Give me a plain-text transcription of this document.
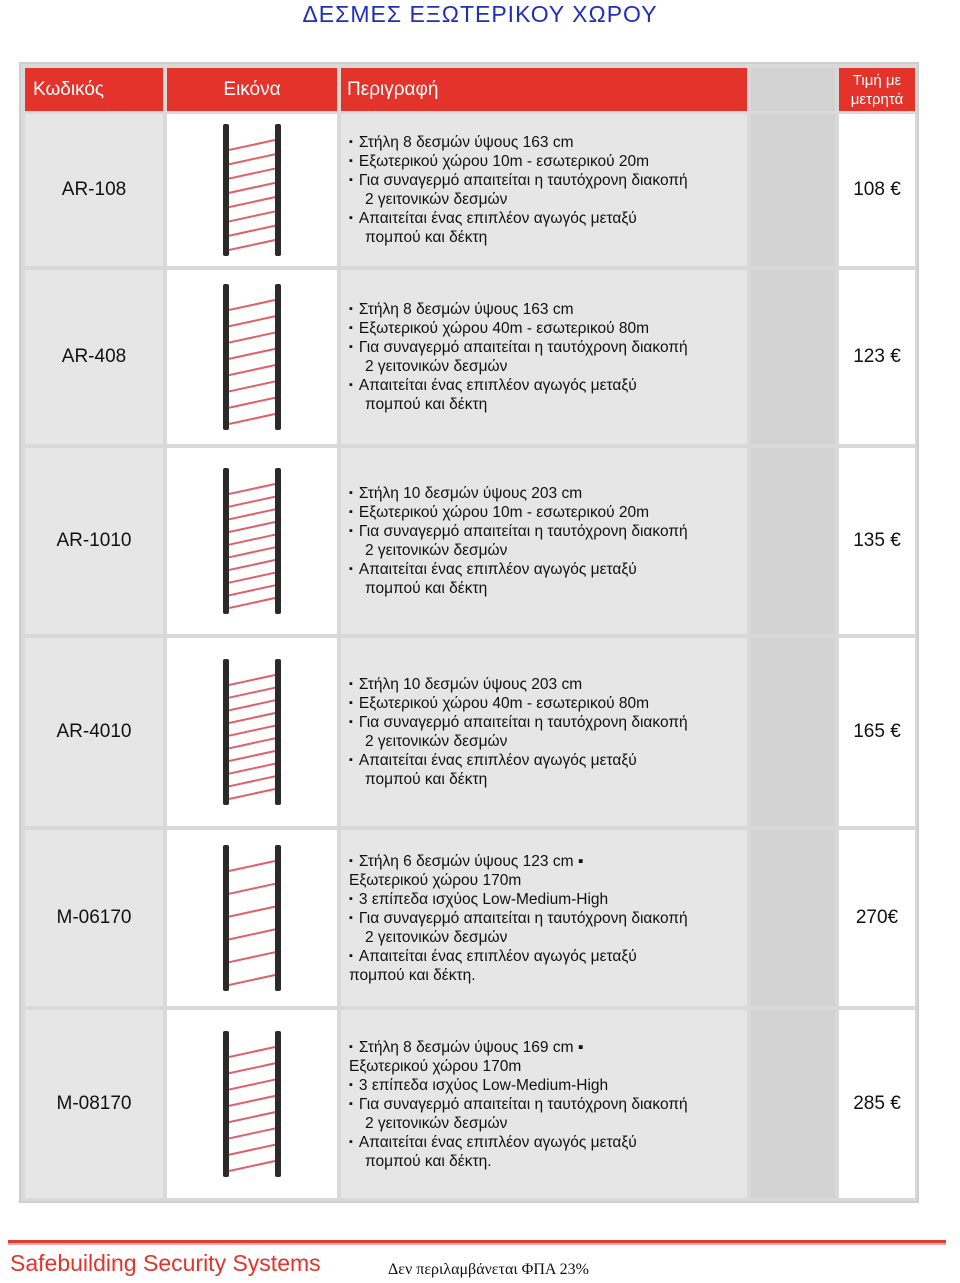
ΔΕΣΜΕΣ ΕΞΩΤΕΡΙΚΟΥ ΧΩΡΟΥ
Κωδικός	Εικόνα	Περιγραφή	Τιμή με
μετρητά
AR-108
▪ Στήλη 8 δεσμών ύψους 163 cm
▪ Εξωτερικού χώρου 10m - εσωτερικού 20m
▪ Για συναγερμό απαιτείται η ταυτόχρονη διακοπή
2 γειτονικών δεσμών
▪ Απαιτείται ένας επιπλέον αγωγός μεταξύ
πομπού και δέκτη
108 €
AR-408
▪ Στήλη 8 δεσμών ύψους 163 cm
▪ Εξωτερικού χώρου 40m - εσωτερικού 80m
▪ Για συναγερμό απαιτείται η ταυτόχρονη διακοπή
2 γειτονικών δεσμών
▪ Απαιτείται ένας επιπλέον αγωγός μεταξύ
πομπού και δέκτη
123 €
AR-1010
▪ Στήλη 10 δεσμών ύψους 203 cm
▪ Εξωτερικού χώρου 10m - εσωτερικού 20m
▪ Για συναγερμό απαιτείται η ταυτόχρονη διακοπή
2 γειτονικών δεσμών
▪ Απαιτείται ένας επιπλέον αγωγός μεταξύ
πομπού και δέκτη
135 €
AR-4010
▪ Στήλη 10 δεσμών ύψους 203 cm
▪ Εξωτερικού χώρου 40m - εσωτερικού 80m
▪ Για συναγερμό απαιτείται η ταυτόχρονη διακοπή
2 γειτονικών δεσμών
▪ Απαιτείται ένας επιπλέον αγωγός μεταξύ
πομπού και δέκτη
165 €
M-06170
▪ Στήλη 6 δεσμών ύψους 123 cm ▪
Εξωτερικού χώρου 170m
▪ 3 επίπεδα ισχύος Low-Medium-High
▪ Για συναγερμό απαιτείται η ταυτόχρονη διακοπή
2 γειτονικών δεσμών
▪ Απαιτείται ένας επιπλέον αγωγός μεταξύ
πομπού και δέκτη.
270€
M-08170
▪ Στήλη 8 δεσμών ύψους 169 cm ▪
Εξωτερικού χώρου 170m
▪ 3 επίπεδα ισχύος Low-Medium-High
▪ Για συναγερμό απαιτείται η ταυτόχρονη διακοπή
2 γειτονικών δεσμών
▪ Απαιτείται ένας επιπλέον αγωγός μεταξύ
πομπού και δέκτη.
285 €
Safebuilding Security Systems	Δεν περιλαμβάνεται ΦΠΑ 23%
